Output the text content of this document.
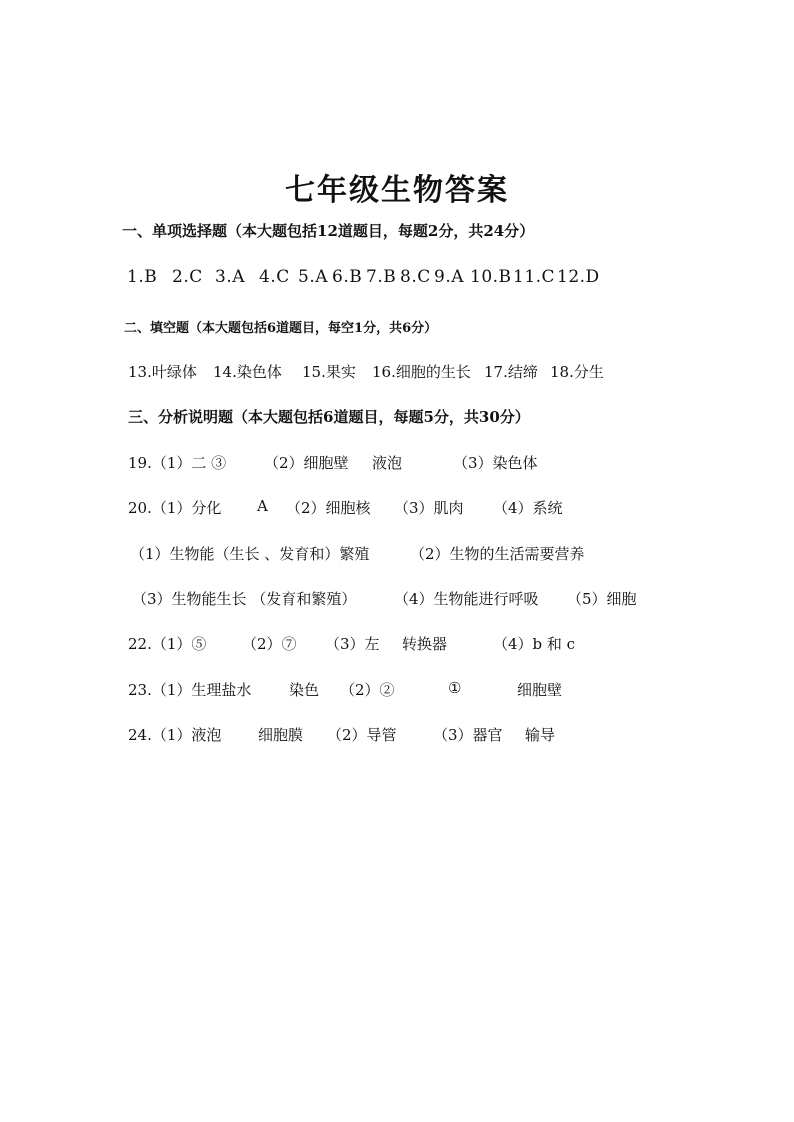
七年级生物答案
一、单项选择题（本大题包括12道题目，每题2分，共24分）
1.B 2.C 3.A 4.C 5.A 6.B 7.B 8.C 9.A 10.B 11.C 12.D
二、填空题（本大题包括6道题目，每空1分，共6分）
13.叶绿体 14.染色体 15.果实 16.细胞的生长 17.结缔 18.分生
三、分析说明题（本大题包括6道题目，每题5分，共30分）
19.（1）二 ③	（2）细胞壁 液泡	（3）染色体
20.（1）分化 A （2）细胞核 （3）肌肉 （4）系统
（1）生物能（生长 、发育和）繁殖	（2）生物的生活需要营养
（3）生物能生长 （发育和繁殖）	（4）生物能进行呼吸 （5）细胞
22.（1）⑤ （2）⑦ （3）左 转换器	（4）b 和 c
23.（1）生理盐水	染色 （2）②	①	细胞壁
24.（1）液泡 细胞膜 （2）导管 （3）器官 输导
